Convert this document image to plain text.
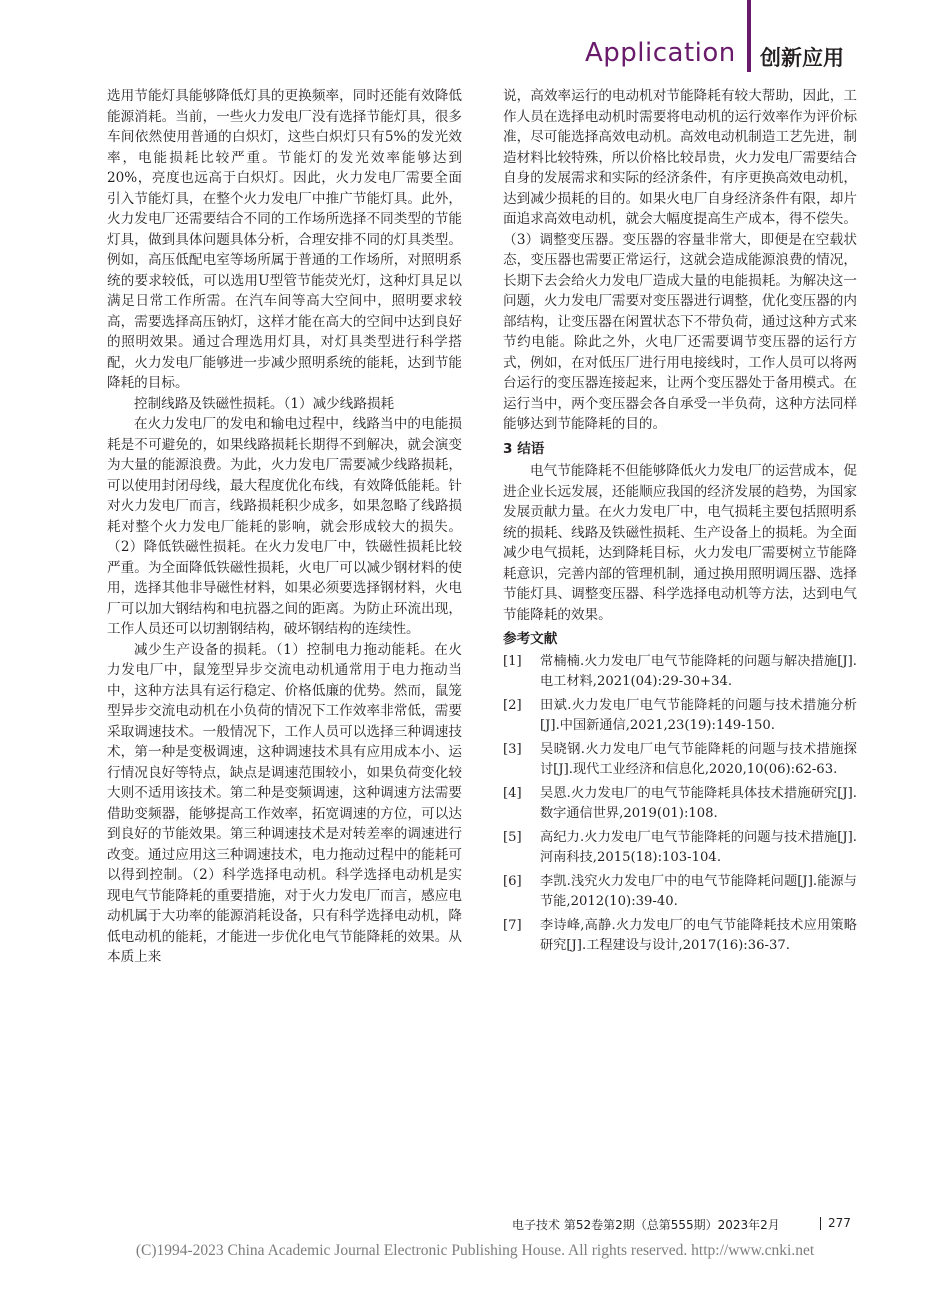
Application 创新应用

选用节能灯具能够降低灯具的更换频率，同时还能有效降低能源消耗。当前，一些火力发电厂没有选择节能灯具，很多车间依然使用普通的白炽灯，这些白炽灯只有5%的发光效率，电能损耗比较严重。节能灯的发光效率能够达到20%，亮度也远高于白炽灯。因此，火力发电厂需要全面引入节能灯具，在整个火力发电厂中推广节能灯具。此外，火力发电厂还需要结合不同的工作场所选择不同类型的节能灯具，做到具体问题具体分析，合理安排不同的灯具类型。例如，高压低配电室等场所属于普通的工作场所，对照明系统的要求较低，可以选用U型管节能荧光灯，这种灯具足以满足日常工作所需。在汽车间等高大空间中，照明要求较高，需要选择高压钠灯，这样才能在高大的空间中达到良好的照明效果。通过合理选用灯具，对灯具类型进行科学搭配，火力发电厂能够进一步减少照明系统的能耗，达到节能降耗的目标。

控制线路及铁磁性损耗。（1）减少线路损耗

在火力发电厂的发电和输电过程中，线路当中的电能损耗是不可避免的，如果线路损耗长期得不到解决，就会演变为大量的能源浪费。为此，火力发电厂需要减少线路损耗，可以使用封闭母线，最大程度优化布线，有效降低能耗。针对火力发电厂而言，线路损耗积少成多，如果忽略了线路损耗对整个火力发电厂能耗的影响，就会形成较大的损失。（2）降低铁磁性损耗。在火力发电厂中，铁磁性损耗比较严重。为全面降低铁磁性损耗，火电厂可以减少钢材料的使用，选择其他非导磁性材料，如果必须要选择钢材料，火电厂可以加大钢结构和电抗器之间的距离。为防止环流出现，工作人员还可以切割钢结构，破坏钢结构的连续性。

减少生产设备的损耗。（1）控制电力拖动能耗。在火力发电厂中，鼠笼型异步交流电动机通常用于电力拖动当中，这种方法具有运行稳定、价格低廉的优势。然而，鼠笼型异步交流电动机在小负荷的情况下工作效率非常低，需要采取调速技术。一般情况下，工作人员可以选择三种调速技术，第一种是变极调速，这种调速技术具有应用成本小、运行情况良好等特点，缺点是调速范围较小，如果负荷变化较大则不适用该技术。第二种是变频调速，这种调速方法需要借助变频器，能够提高工作效率，拓宽调速的方位，可以达到良好的节能效果。第三种调速技术是对转差率的调速进行改变。通过应用这三种调速技术，电力拖动过程中的能耗可以得到控制。（2）科学选择电动机。科学选择电动机是实现电气节能降耗的重要措施，对于火力发电厂而言，感应电动机属于大功率的能源消耗设备，只有科学选择电动机，降低电动机的能耗，才能进一步优化电气节能降耗的效果。从本质上来

说，高效率运行的电动机对节能降耗有较大帮助，因此，工作人员在选择电动机时需要将电动机的运行效率作为评价标准，尽可能选择高效电动机。高效电动机制造工艺先进，制造材料比较特殊，所以价格比较昂贵，火力发电厂需要结合自身的发展需求和实际的经济条件，有序更换高效电动机，达到减少损耗的目的。如果火电厂自身经济条件有限，却片面追求高效电动机，就会大幅度提高生产成本，得不偿失。（3）调整变压器。变压器的容量非常大，即便是在空载状态，变压器也需要正常运行，这就会造成能源浪费的情况，长期下去会给火力发电厂造成大量的电能损耗。为解决这一问题，火力发电厂需要对变压器进行调整，优化变压器的内部结构，让变压器在闲置状态下不带负荷，通过这种方式来节约电能。除此之外，火电厂还需要调节变压器的运行方式，例如，在对低压厂进行用电接线时，工作人员可以将两台运行的变压器连接起来，让两个变压器处于备用模式。在运行当中，两个变压器会各自承受一半负荷，这种方法同样能够达到节能降耗的目的。

3 结语

电气节能降耗不但能够降低火力发电厂的运营成本，促进企业长远发展，还能顺应我国的经济发展的趋势，为国家发展贡献力量。在火力发电厂中，电气损耗主要包括照明系统的损耗、线路及铁磁性损耗、生产设备上的损耗。为全面减少电气损耗，达到降耗目标，火力发电厂需要树立节能降耗意识，完善内部的管理机制，通过换用照明调压器、选择节能灯具、调整变压器、科学选择电动机等方法，达到电气节能降耗的效果。

参考文献
[1] 常楠楠.火力发电厂电气节能降耗的问题与解决措施[J].电工材料,2021(04):29-30+34.
[2] 田斌.火力发电厂电气节能降耗的问题与技术措施分析[J].中国新通信,2021,23(19):149-150.
[3] 吴晓钢.火力发电厂电气节能降耗的问题与技术措施探讨[J].现代工业经济和信息化,2020,10(06):62-63.
[4] 吴恩.火力发电厂的电气节能降耗具体技术措施研究[J].数字通信世界,2019(01):108.
[5] 高纪力.火力发电厂电气节能降耗的问题与技术措施[J].河南科技,2015(18):103-104.
[6] 李凯.浅究火力发电厂中的电气节能降耗问题[J].能源与节能,2012(10):39-40.
[7] 李诗峰,高静.火力发电厂的电气节能降耗技术应用策略研究[J].工程建设与设计,2017(16):36-37.
电子技术 第52卷第2期（总第555期）2023年2月	277
(C)1994-2023 China Academic Journal Electronic Publishing House. All rights reserved. http://www.cnki.net
